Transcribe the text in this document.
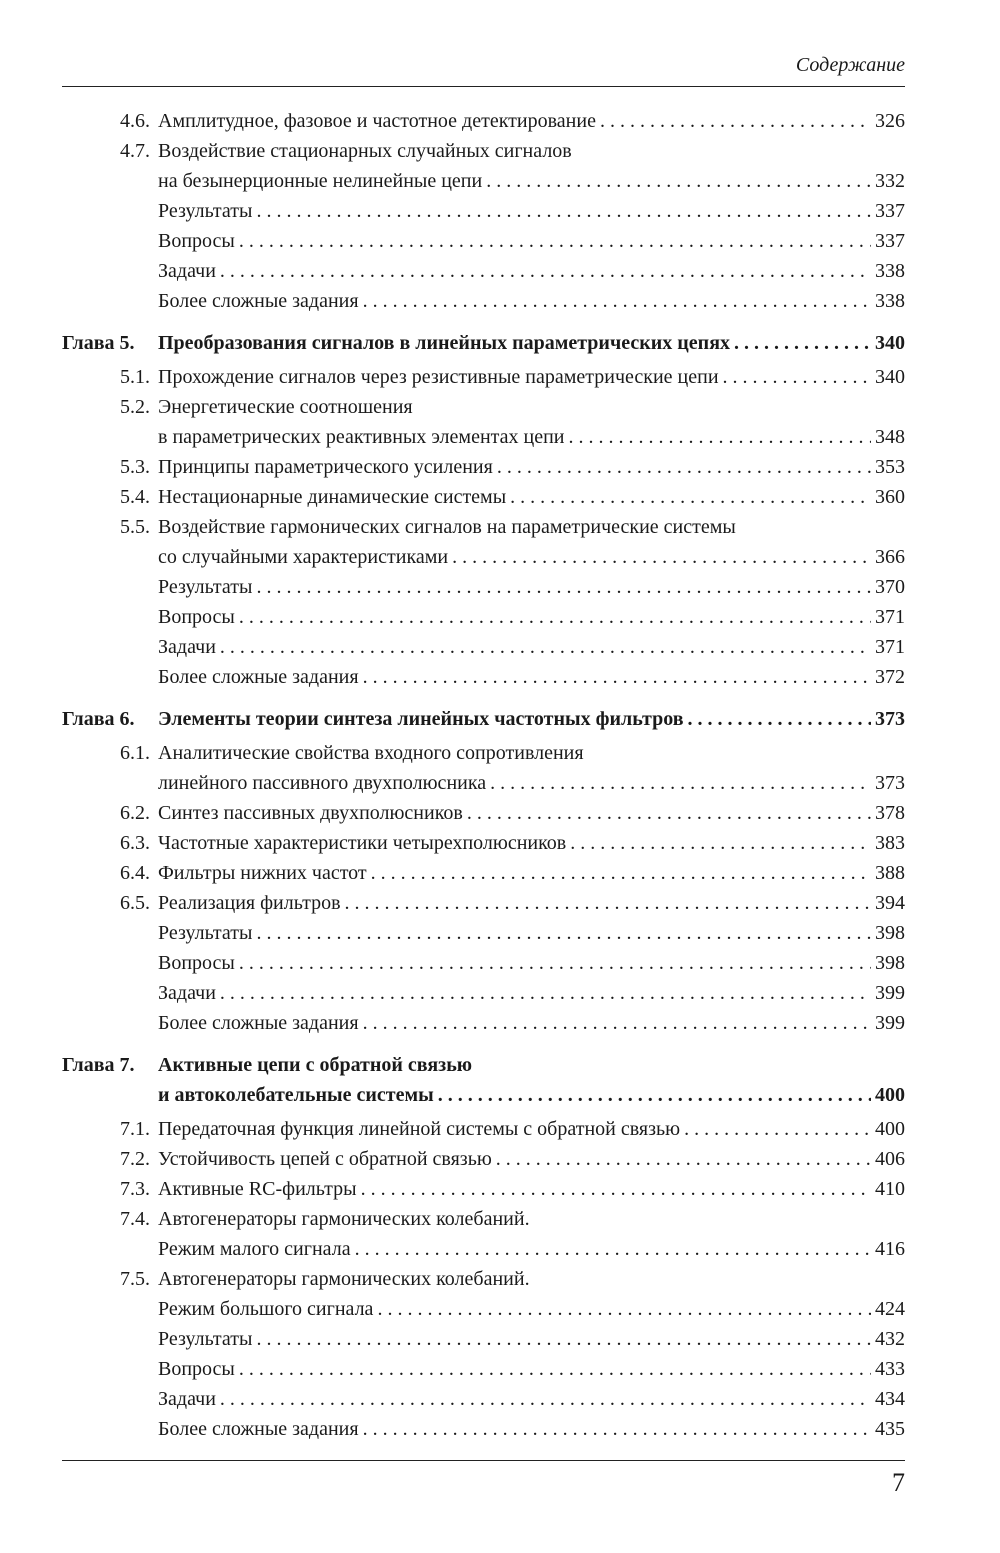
Содержание
4.6. Амплитудное, фазовое и частотное детектирование . . .	326
4.7. Воздействие стационарных случайных сигналов
на безынерционные нелинейные цепи . . .	332
Результаты . . .	337
Вопросы . . .	337
Задачи . . .	338
Более сложные задания . . .	338
Глава 5.	Преобразования сигналов в линейных параметрических цепях . . .	340
5.1. Прохождение сигналов через резистивные параметрические цепи . . .	340
5.2. Энергетические соотношения
в параметрических реактивных элементах цепи . . .	348
5.3. Принципы параметрического усиления . . .	353
5.4. Нестационарные динамические системы . . .	360
5.5. Воздействие гармонических сигналов на параметрические системы
со случайными характеристиками . . .	366
Результаты . . .	370
Вопросы . . .	371
Задачи . . .	371
Более сложные задания . . .	372
Глава 6.	Элементы теории синтеза линейных частотных фильтров . . .	373
6.1. Аналитические свойства входного сопротивления
линейного пассивного двухполюсника . . .	373
6.2. Синтез пассивных двухполюсников . . .	378
6.3. Частотные характеристики четырехполюсников . . .	383
6.4. Фильтры нижних частот . . .	388
6.5. Реализация фильтров . . .	394
Результаты . . .	398
Вопросы . . .	398
Задачи . . .	399
Более сложные задания . . .	399
Глава 7.	Активные цепи с обратной связью
и автоколебательные системы . . .	400
7.1. Передаточная функция линейной системы с обратной связью . . .	400
7.2. Устойчивость цепей с обратной связью . . .	406
7.3. Активные RC-фильтры . . .	410
7.4. Автогенераторы гармонических колебаний.
Режим малого сигнала . . .	416
7.5. Автогенераторы гармонических колебаний.
Режим большого сигнала . . .	424
Результаты . . .	432
Вопросы . . .	433
Задачи . . .	434
Более сложные задания . . .	435
7
